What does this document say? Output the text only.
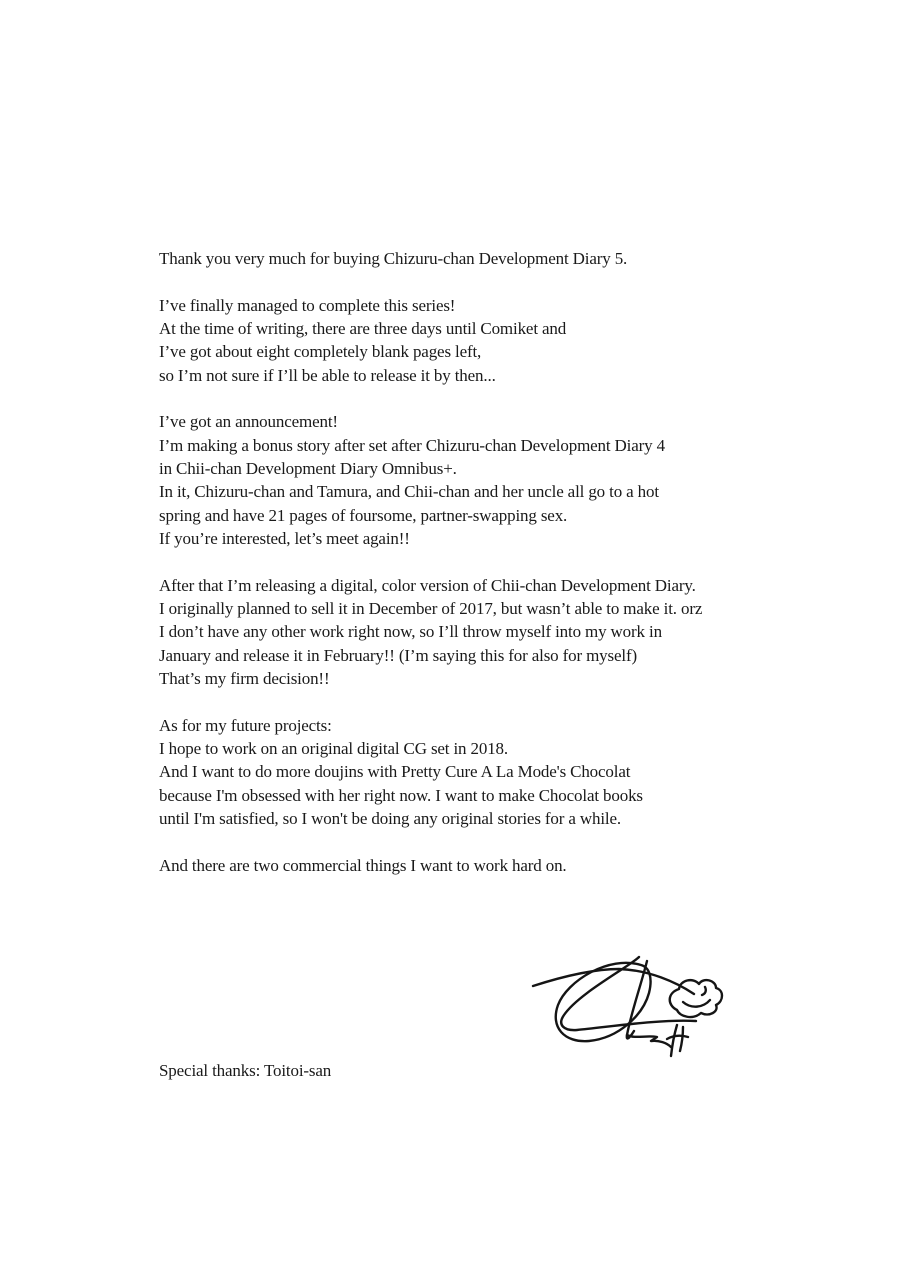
Thank you very much for buying Chizuru-chan Development Diary 5.

I’ve finally managed to complete this series!
At the time of writing, there are three days until Comiket and
I’ve got about eight completely blank pages left,
so I’m not sure if I’ll be able to release it by then...

I’ve got an announcement!
I’m making a bonus story after set after Chizuru-chan Development Diary 4
in Chii-chan Development Diary Omnibus+.
In it, Chizuru-chan and Tamura, and Chii-chan and her uncle all go to a hot
spring and have 21 pages of foursome, partner-swapping sex.
If you’re interested, let’s meet again!!

After that I’m releasing a digital, color version of Chii-chan Development Diary.
I originally planned to sell it in December of 2017, but wasn’t able to make it. orz
I don’t have any other work right now, so I’ll throw myself into my work in
January and release it in February!! (I’m saying this for also for myself)
That’s my firm decision!!

As for my future projects:
I hope to work on an original digital CG set in 2018.
And I want to do more doujins with Pretty Cure A La Mode's Chocolat
because I'm obsessed with her right now. I want to make Chocolat books
until I'm satisfied, so I won't be doing any original stories for a while.

And there are two commercial things I want to work hard on.

Special thanks: Toitoi-san
